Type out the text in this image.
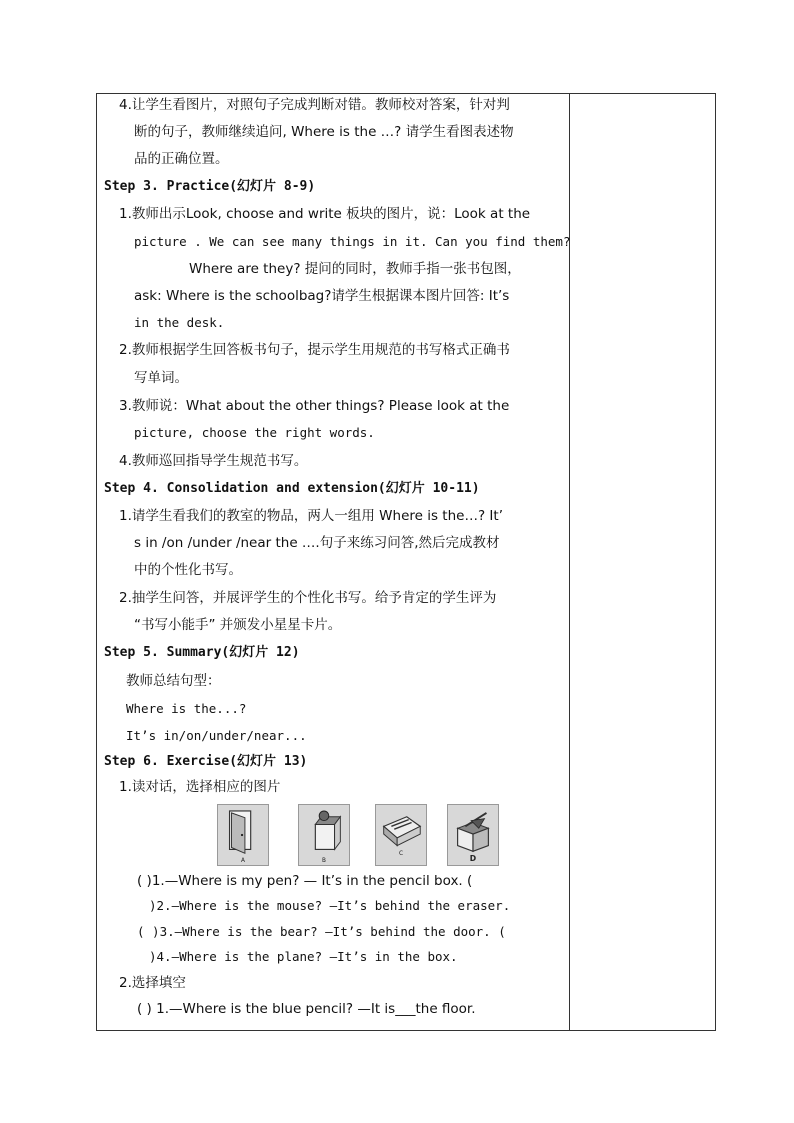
4.让学生看图片，对照句子完成判断对错。教师校对答案，针对判
断的句子，教师继续追问, Where is the …? 请学生看图表述物
品的正确位置。
Step 3. Practice(幻灯片 8-9)
1.教师出示Look, choose and write 板块的图片，说：Look at the
picture . We can see many things in it. Can you find them?
Where are they? 提问的同时，教师手指一张书包图，
ask: Where is the schoolbag?请学生根据课本图片回答: It’s
in the desk.
2.教师根据学生回答板书句子，提示学生用规范的书写格式正确书
写单词。
3.教师说：What about the other things? Please look at the
picture, choose the right words.
4.教师巡回指导学生规范书写。
Step 4. Consolidation and extension(幻灯片 10-11)
1.请学生看我们的教室的物品，两人一组用 Where is the…? It’
s in /on /under /near the ….句子来练习问答,然后完成教材
中的个性化书写。
2.抽学生问答，并展评学生的个性化书写。给予肯定的学生评为
“书写小能手” 并颁发小星星卡片。
Step 5. Summary(幻灯片 12)
教师总结句型：
Where is the...?
It’s in/on/under/near...
Step 6. Exercise(幻灯片 13)
1.读对话，选择相应的图片
A	B
C	D
( )1.—Where is my pen? — It’s in the pencil box. (
)2.—Where is the mouse? —It’s behind the eraser.
( )3.—Where is the bear? —It’s behind the door. (
)4.—Where is the plane? —It’s in the box.
2.选择填空
( ) 1.—Where is the blue pencil? —It is___the floor.
